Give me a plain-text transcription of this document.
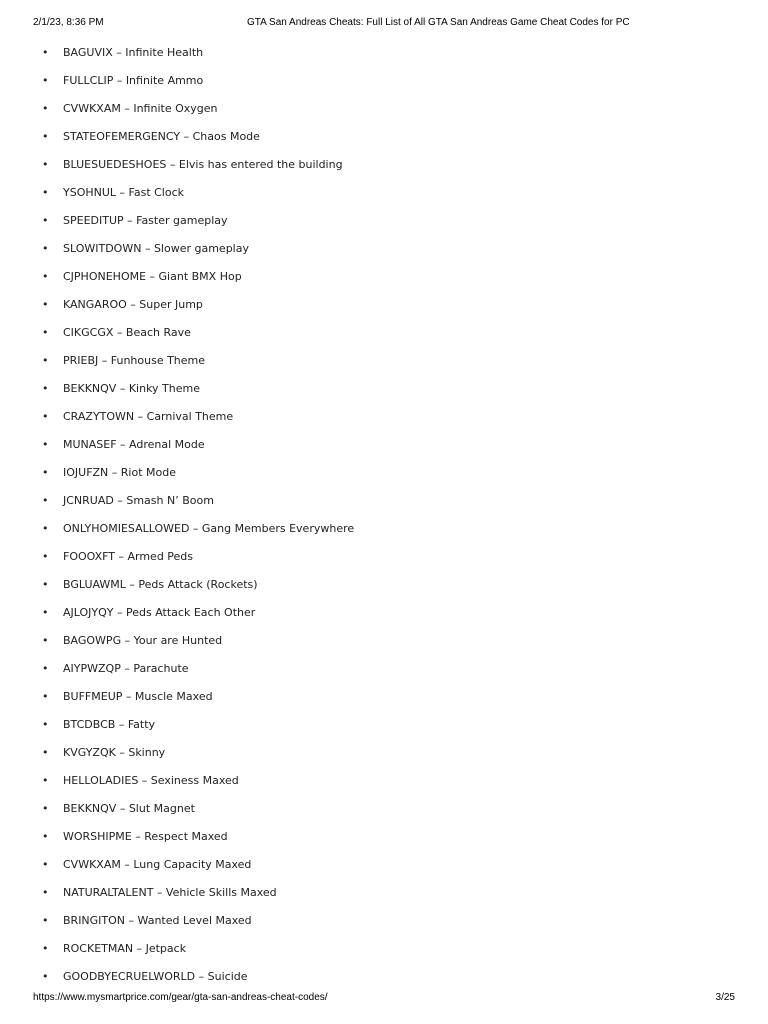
2/1/23, 8:36 PM	GTA San Andreas Cheats: Full List of All GTA San Andreas Game Cheat Codes for PC
•	BAGUVIX – Infinite Health
•	FULLCLIP – Infinite Ammo
•	CVWKXAM – Infinite Oxygen
•	STATEOFEMERGENCY – Chaos Mode
•	BLUESUEDESHOES – Elvis has entered the building
•	YSOHNUL – Fast Clock
•	SPEEDITUP – Faster gameplay
•	SLOWITDOWN – Slower gameplay
•	CJPHONEHOME – Giant BMX Hop
•	KANGAROO – Super Jump
•	CIKGCGX – Beach Rave
•	PRIEBJ – Funhouse Theme
•	BEKKNQV – Kinky Theme
•	CRAZYTOWN – Carnival Theme
•	MUNASEF – Adrenal Mode
•	IOJUFZN – Riot Mode
•	JCNRUAD – Smash N’ Boom
•	ONLYHOMIESALLOWED – Gang Members Everywhere
•	FOOOXFT – Armed Peds
•	BGLUAWML – Peds Attack (Rockets)
•	AJLOJYQY – Peds Attack Each Other
•	BAGOWPG – Your are Hunted
•	AIYPWZQP – Parachute
•	BUFFMEUP – Muscle Maxed
•	BTCDBCB – Fatty
•	KVGYZQK – Skinny
•	HELLOLADIES – Sexiness Maxed
•	BEKKNQV – Slut Magnet
•	WORSHIPME – Respect Maxed
•	CVWKXAM – Lung Capacity Maxed
•	NATURALTALENT – Vehicle Skills Maxed
•	BRINGITON – Wanted Level Maxed
•	ROCKETMAN – Jetpack
•	GOODBYECRUELWORLD – Suicide
https://www.mysmartprice.com/gear/gta-san-andreas-cheat-codes/	3/25
